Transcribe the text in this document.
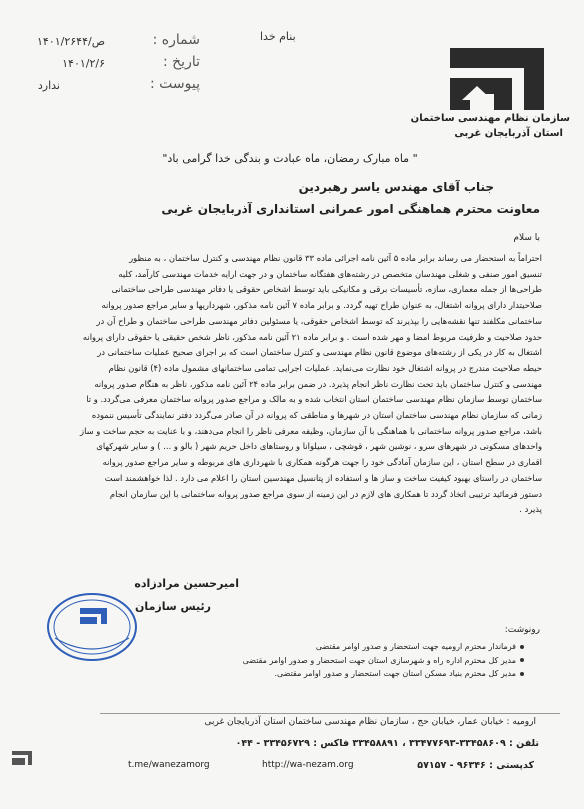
بنام خدا
شماره :
۱۴۰۱/ص/۲۶۴۴
تاریخ :
۱۴۰۱/۲/۶
پیوست :
ندارد
سازمان نظام مهندسی ساختمان
استان آذربایجان غربی
" ماه مبارک رمضان، ماه عبادت و بندگی خدا گرامی باد"
جناب آقای مهندس یاسر رهبردین
معاونت محترم هماهنگی امور عمرانی استانداری آذربایجان غربی
با سلام
احتراماً به استحضار می رساند برابر ماده ۵ آئین نامه اجرائی ماده ۳۳ قانون نظام مهندسی و کنترل ساختمان ، به منظور
تنسیق امور صنفی و شغلی مهندسان متخصص در رشته‌های هفتگانه ساختمان و در جهت ارایه خدمات مهندسی کارآمد، کلیه
طراحی‌ها از جمله معماری، سازه، تأسیسات برقی و مکانیکی باید توسط اشخاص حقوقی یا دفاتر مهندسی طراحی ساختمانی
صلاحیتدار دارای پروانه اشتغال، به عنوان طراح تهیه گردد. و برابر ماده ۷ آئین نامه مذکور، شهرداریها و سایر مراجع صدور پروانه
ساختمانی مکلفند تنها نقشه‌هایی را بپذیرند که توسط اشخاص حقوقی، یا مسئولین دفاتر مهندسی طراحی ساختمان و طراح آن در
حدود صلاحیت و ظرفیت مربوط امضا و مهر شده است . و برابر ماده ۲۱ آئین نامه مذکور، ناظر شخص حقیقی یا حقوقی دارای پروانه
اشتغال به کار در یکی از رشته‌های موضوع قانون نظام مهندسی و کنترل ساختمان است که بر اجرای صحیح عملیات ساختمانی در
حیطه صلاحیت مندرج در پروانه اشتغال خود نظارت می‌نماید. عملیات اجرایی تمامی ساختمانهای مشمول ماده (۴) قانون نظام
مهندسی و کنترل ساختمان باید تحت نظارت ناظر انجام پذیرد. در ضمن برابر ماده ۲۴ آئین نامه مذکور، ناظر به هنگام صدور پروانه
ساختمان توسط سازمان نظام مهندسی ساختمان استان انتخاب شده و به مالک و مراجع صدور پروانه ساختمان معرفی می‌گردد. و تا
زمانی که سازمان نظام مهندسی ساختمان استان در شهرها و مناطقی که پروانه در آن صادر می‌گردد دفتر نمایندگی تأسیس ننموده
باشد، مراجع صدور پروانه ساختمانی با هماهنگی با آن سازمان، وظیفه معرفی ناظر را انجام می‌دهند، و با عنایت به حجم ساخت و ساز
واحدهای مسکونی در شهرهای سرو ، نوشین شهر ، قوشچی ، سیلوانا و روستاهای داخل حریم شهر ( بالو و ... ) و سایر شهرکهای
اقماری در سطح استان ، این سازمان آمادگی خود را جهت هرگونه همکاری با شهرداری های مربوطه و سایر مراجع صدور پروانه
ساختمان در راستای بهبود کیفیت ساخت و ساز ها و استفاده از پتانسیل مهندسین استان را اعلام می دارد . لذا خواهشمند است
دستور فرمائید ترتیبی اتخاذ گردد تا همکاری های لازم در این زمینه از سوی مراجع صدور پروانه ساختمانی با این سازمان انجام
پذیرد .
امیرحسین مرادزاده
رئیس سازمان
رونوشت:
فرماندار محترم ارومیه جهت استحضار و صدور اوامر مقتضی
مدیر کل محترم اداره راه و شهرسازی استان جهت استحضار و صدور اوامر مقتضی
مدیر کل محترم بنیاد مسکن استان جهت استحضار و صدور اوامر مقتضی.
ارومیه : خیابان عمار، خیابان حج ، سازمان نظام مهندسی ساختمان استان آذربایجان غربی
تلفن : ۳۳۴۵۸۶۰۹-۳۳۴۷۷۶۹۳ ، ۳۳۴۵۸۸۹۱ فاکس : ۳۳۴۵۶۷۲۹ - ۰۴۴
کدپستی : ۹۶۳۴۶ - ۵۷۱۵۷
http://wa-nezam.org
t.me/wanezamorg
